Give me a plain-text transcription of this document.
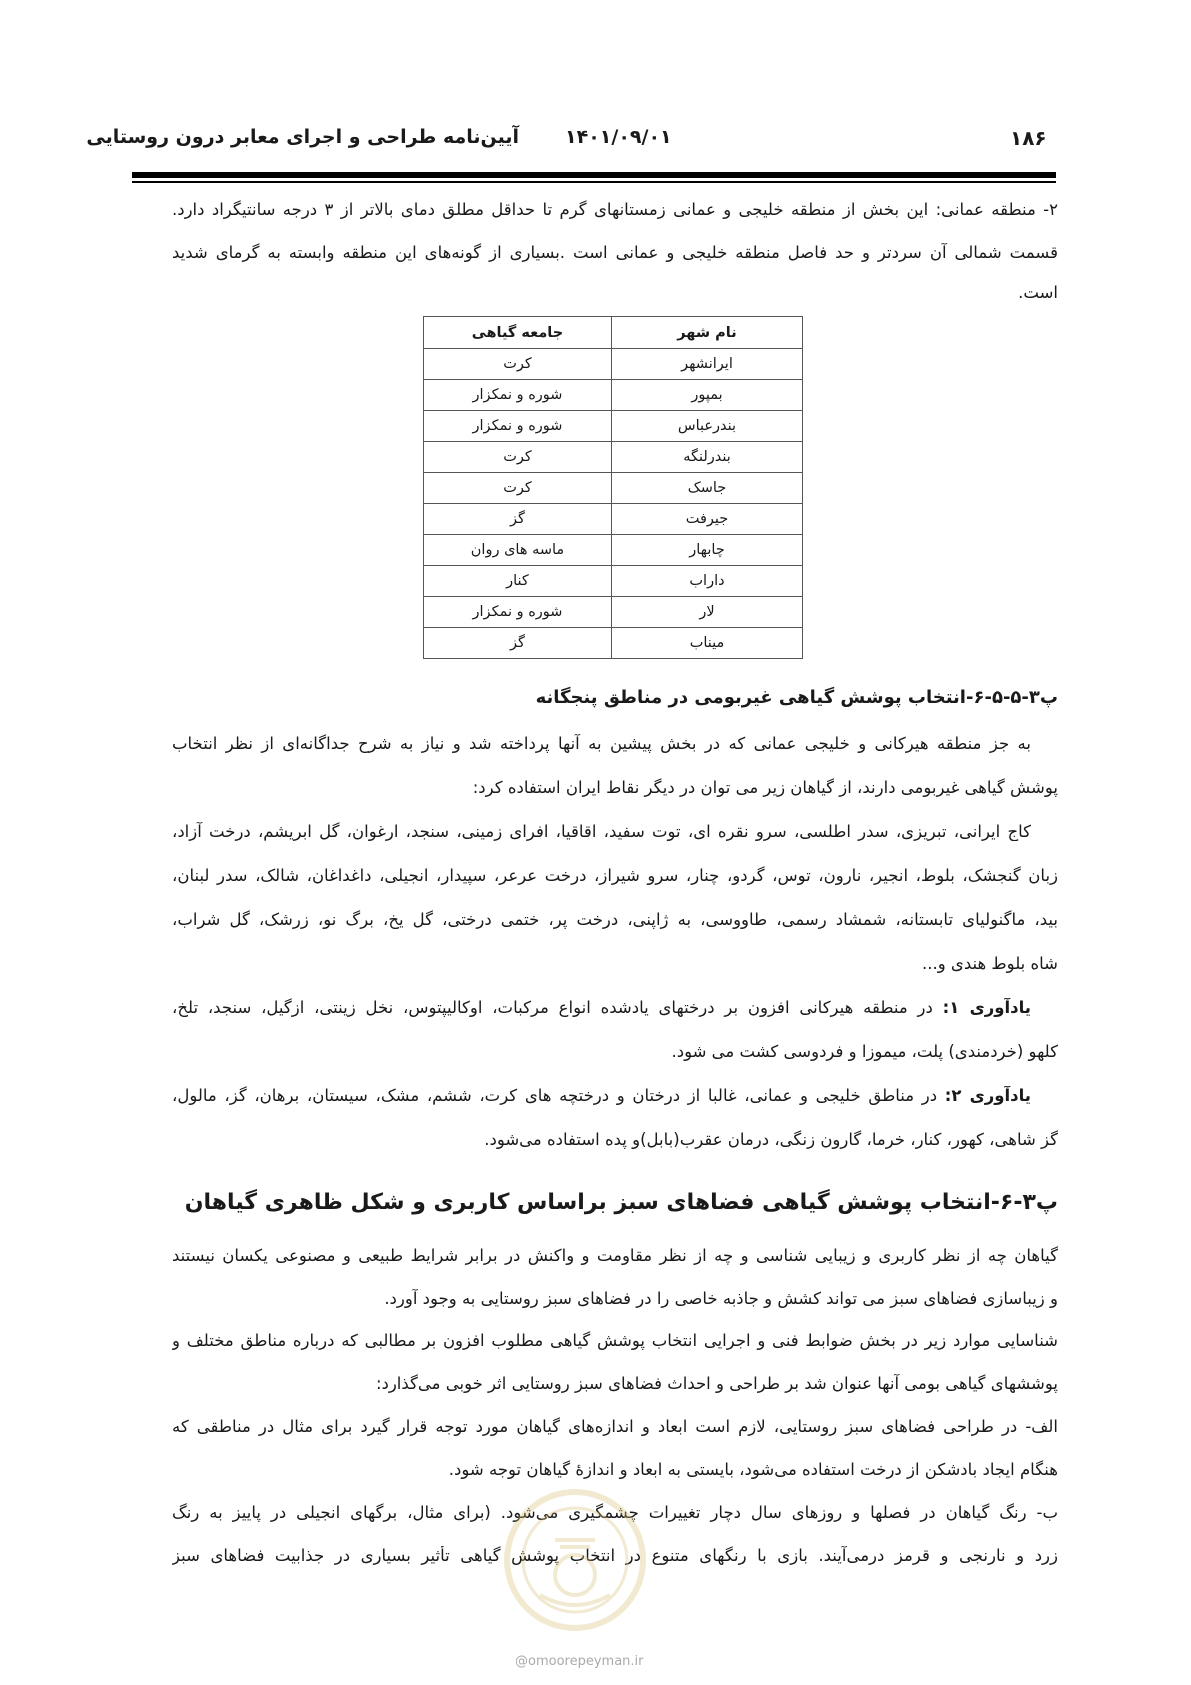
آیین‌نامه طراحی و اجرای معابر درون روستایی ۱۴۰۱/۰۹/۰۱	۱۸۶
۲- منطقه عمانی: این بخش از منطقه خلیجی و عمانی زمستانهای گرم تا حداقل مطلق دمای بالاتر از ۳ درجه سانتیگراد دارد.
قسمت شمالی آن سردتر و حد فاصل منطقه خلیجی و عمانی است .بسیاری از گونه‌های این منطقه وابسته به گرمای شدید
است.
نام شهر	جامعه گیاهی
ایرانشهر	کرت
بمپور	شوره و نمکزار
بندرعباس	شوره و نمکزار
بندرلنگه	کرت
جاسک	کرت
جیرفت	گز
چابهار	ماسه های روان
داراب	کنار
لار	شوره و نمکزار
میناب	گز
پ۳-۵-۵-۶-انتخاب پوشش گیاهی غیربومی در مناطق پنجگانه
به جز منطقه هیرکانی و خلیجی عمانی که در بخش پیشین به آنها پرداخته شد و نیاز به شرح جداگانه‌ای از نظر انتخاب
پوشش گیاهی غیربومی دارند، از گیاهان زیر می توان در دیگر نقاط ایران استفاده کرد:
کاج ایرانی، تبریزی، سدر اطلسی، سرو نقره ای، توت سفید، اقاقیا، افرای زمینی، سنجد، ارغوان، گل ابریشم، درخت آزاد،
زبان گنجشک، بلوط، انجیر، نارون، توس، گردو، چنار، سرو شیراز، درخت عرعر، سپیدار، انجیلی، داغداغان، شالک، سدر لبنان،
بید، ماگنولیای تابستانه، شمشاد رسمی، طاووسی، به ژاپنی، درخت پر، ختمی درختی، گل یخ، برگ نو، زرشک، گل شراب،
شاه بلوط هندی و...
یادآوری ۱: در منطقه هیرکانی افزون بر درختهای یادشده انواع مرکبات، اوکالیپتوس، نخل زینتی، ازگیل، سنجد، تلخ،
کلهو (خردمندی) پلت، میموزا و فردوسی کشت می شود.
یادآوری ۲: در مناطق خلیجی و عمانی، غالبا از درختان و درختچه های کرت، ششم، مشک، سیستان، برهان، گز، مالول،
گز شاهی، کهور، کنار، خرما، گارون زنگی، درمان عقرب(بابل)و پده استفاده می‌شود.
پ۳-۶-انتخاب پوشش گیاهی فضاهای سبز براساس کاربری و شکل ظاهری گیاهان
گیاهان چه از نظر کاربری و زیبایی شناسی و چه از نظر مقاومت و واکنش در برابر شرایط طبیعی و مصنوعی یکسان نیستند
و زیباسازی فضاهای سبز می تواند کشش و جاذبه خاصی را در فضاهای سبز روستایی به وجود آورد.
شناسایی موارد زیر در بخش ضوابط فنی و اجرایی انتخاب پوشش گیاهی مطلوب افزون بر مطالبی که درباره مناطق مختلف و
پوششهای گیاهی بومی آنها عنوان شد بر طراحی و احداث فضاهای سبز روستایی اثر خوبی می‌گذارد:
الف- در طراحی فضاهای سبز روستایی، لازم است ابعاد و اندازه‌های گیاهان مورد توجه قرار گیرد برای مثال در مناطقی که
هنگام ایجاد بادشکن از درخت استفاده می‌شود، بایستی به ابعاد و اندازهٔ گیاهان توجه شود.
ب- رنگ گیاهان در فصلها و روزهای سال دچار تغییرات چشمگیری می‌شود. (برای مثال، برگهای انجیلی در پاییز به رنگ
زرد و نارنجی و قرمز درمی‌آیند. بازی با رنگهای متنوع در انتخاب پوشش گیاهی تأثیر بسیاری در جذابیت فضاهای سبز
@omoorepeyman.ir
